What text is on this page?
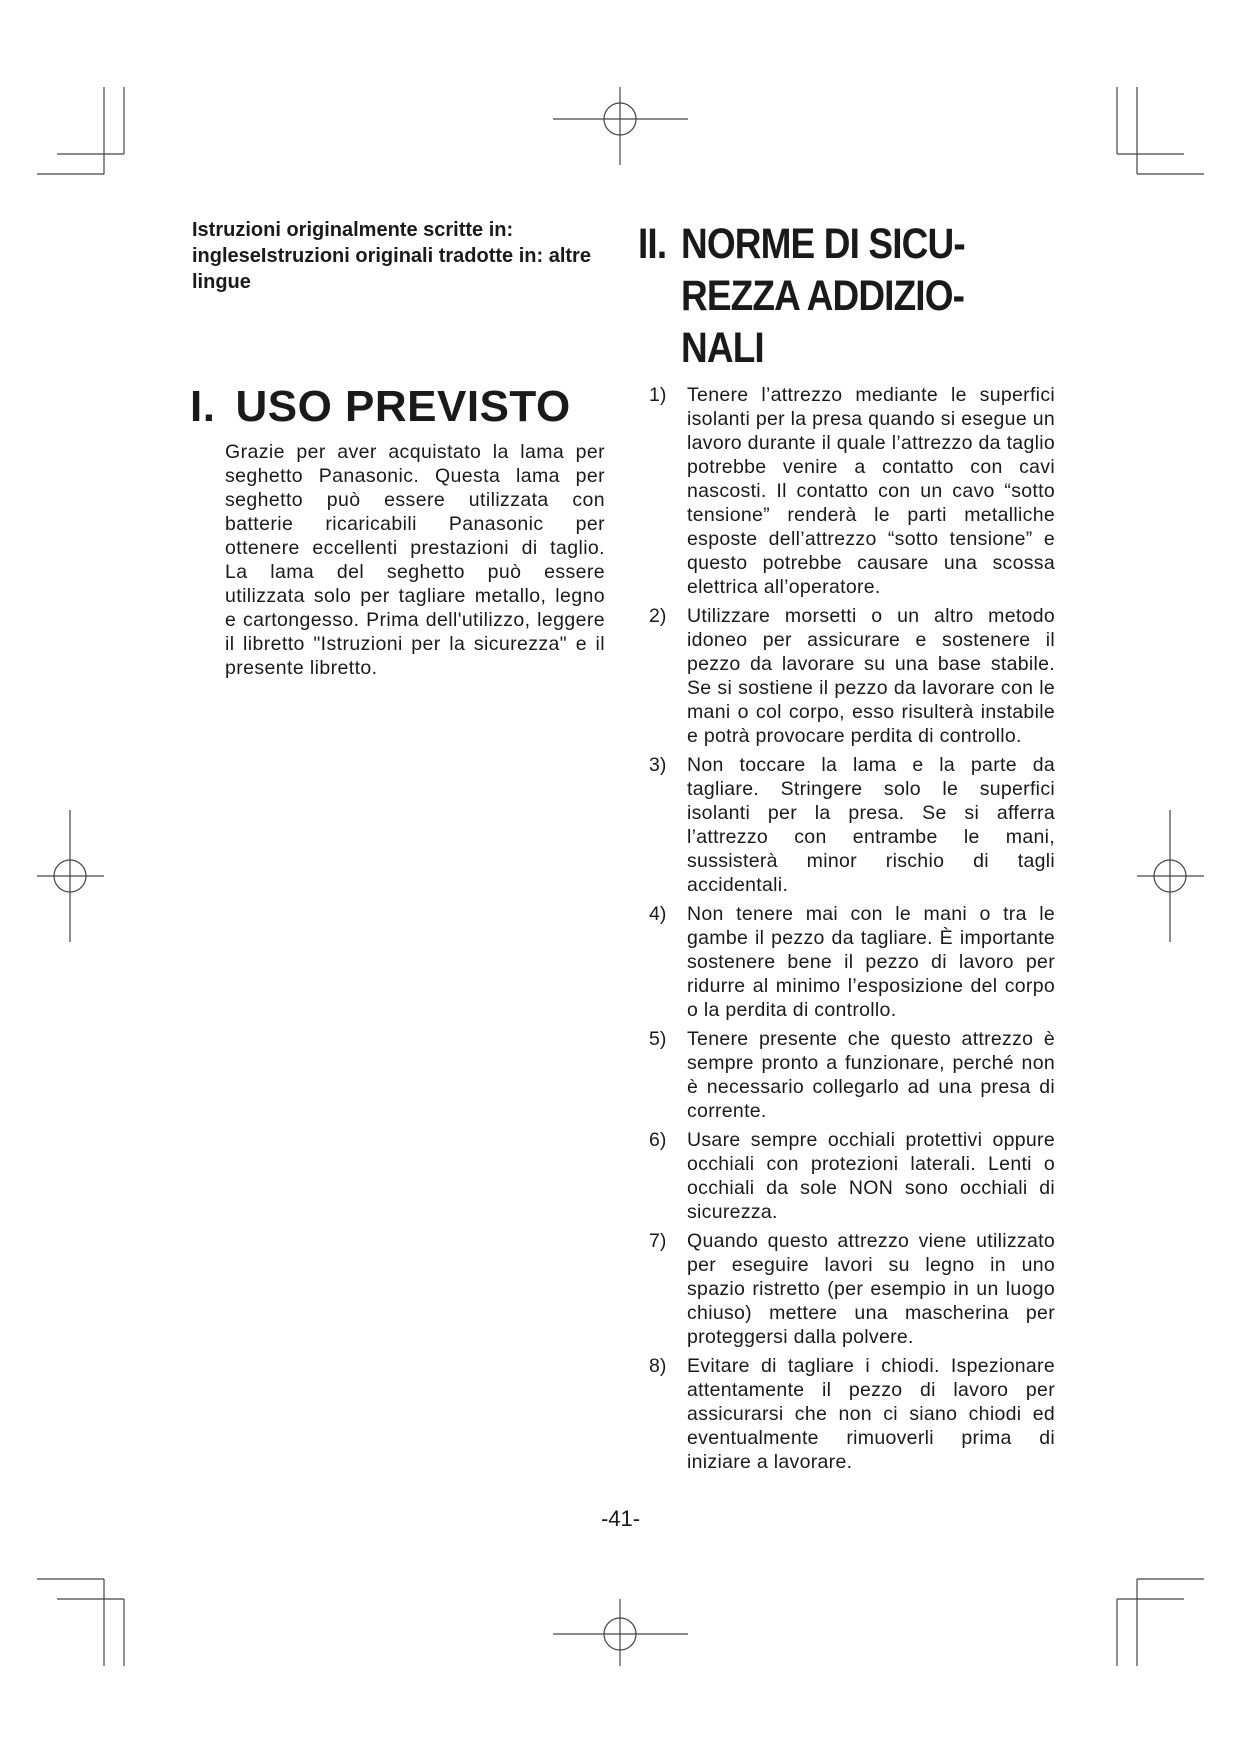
Istruzioni originalmente scritte in: ingleseIstruzioni originali tradotte in: altre lingue

I. USO PREVISTO

Grazie per aver acquistato la lama per seghetto Panasonic. Questa lama per seghetto può essere utilizzata con batterie ricaricabili Panasonic per ottenere eccellenti prestazioni di taglio. La lama del seghetto può essere utilizzata solo per tagliare metallo, legno e cartongesso. Prima dell'utilizzo, leggere il libretto "Istruzioni per la sicurezza" e il presente libretto.

II. NORME DI SICU-
REZZA ADDIZIO-
NALI
1) Tenere l’attrezzo mediante le superfici isolanti per la presa quando si esegue un lavoro durante il quale l’attrezzo da taglio potrebbe venire a contatto con cavi nascosti. Il contatto con un cavo “sotto tensione” renderà le parti metalliche esposte dell’attrezzo “sotto tensione” e questo potrebbe causare una scossa elettrica all’operatore.
2) Utilizzare morsetti o un altro metodo idoneo per assicurare e sostenere il pezzo da lavorare su una base stabile. Se si sostiene il pezzo da lavorare con le mani o col corpo, esso risulterà instabile e potrà provocare perdita di controllo.
3) Non toccare la lama e la parte da tagliare. Stringere solo le superfici isolanti per la presa. Se si afferra l’attrezzo con entrambe le mani, sussisterà minor rischio di tagli accidentali.
4) Non tenere mai con le mani o tra le gambe il pezzo da tagliare. È importante sostenere bene il pezzo di lavoro per ridurre al minimo l’esposizione del corpo o la perdita di controllo.
5) Tenere presente che questo attrezzo è sempre pronto a funzionare, perché non è necessario collegarlo ad una presa di corrente.
6) Usare sempre occhiali protettivi oppure occhiali con protezioni laterali. Lenti o occhiali da sole NON sono occhiali di sicurezza.
7) Quando questo attrezzo viene utilizzato per eseguire lavori su legno in uno spazio ristretto (per esempio in un luogo chiuso) mettere una mascherina per proteggersi dalla polvere.
8) Evitare di tagliare i chiodi. Ispezionare attentamente il pezzo di lavoro per assicurarsi che non ci siano chiodi ed eventualmente rimuoverli prima di iniziare a lavorare.

-41-
